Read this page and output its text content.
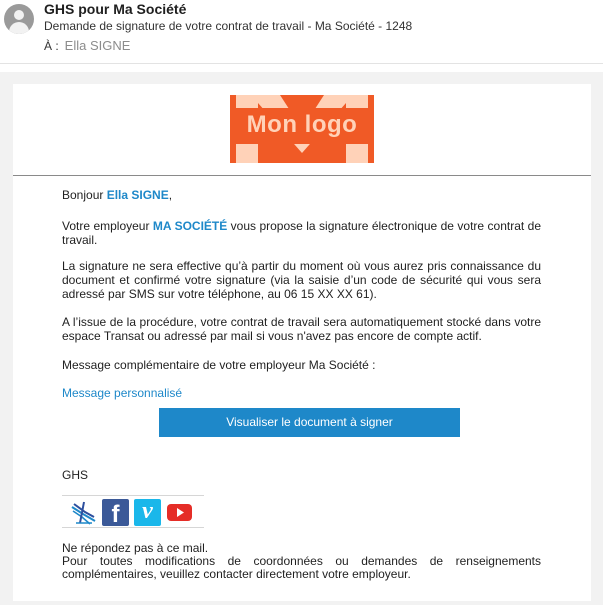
GHS pour Ma Société
Demande de signature de votre contrat de travail - Ma Société - 1248
À : Ella SIGNE
Mon logo

Bonjour Ella SIGNE,

Votre employeur MA SOCIÉTÉ vous propose la signature électronique de votre contrat de travail.

La signature ne sera effective qu’à partir du moment où vous aurez pris connaissance du document et confirmé votre signature (via la saisie d’un code de sécurité qui vous sera adressé par SMS sur votre téléphone, au 06 15 XX XX 61).

A l’issue de la procédure, votre contrat de travail sera automatiquement stocké dans votre espace Transat ou adressé par mail si vous n'avez pas encore de compte actif.

Message complémentaire de votre employeur Ma Société :

Message personnalisé
Visualiser le document à signer
GHS
f v

Ne répondez pas à ce mail.

Pour toutes modifications de coordonnées ou demandes de renseignements complémentaires, veuillez contacter directement votre employeur.
